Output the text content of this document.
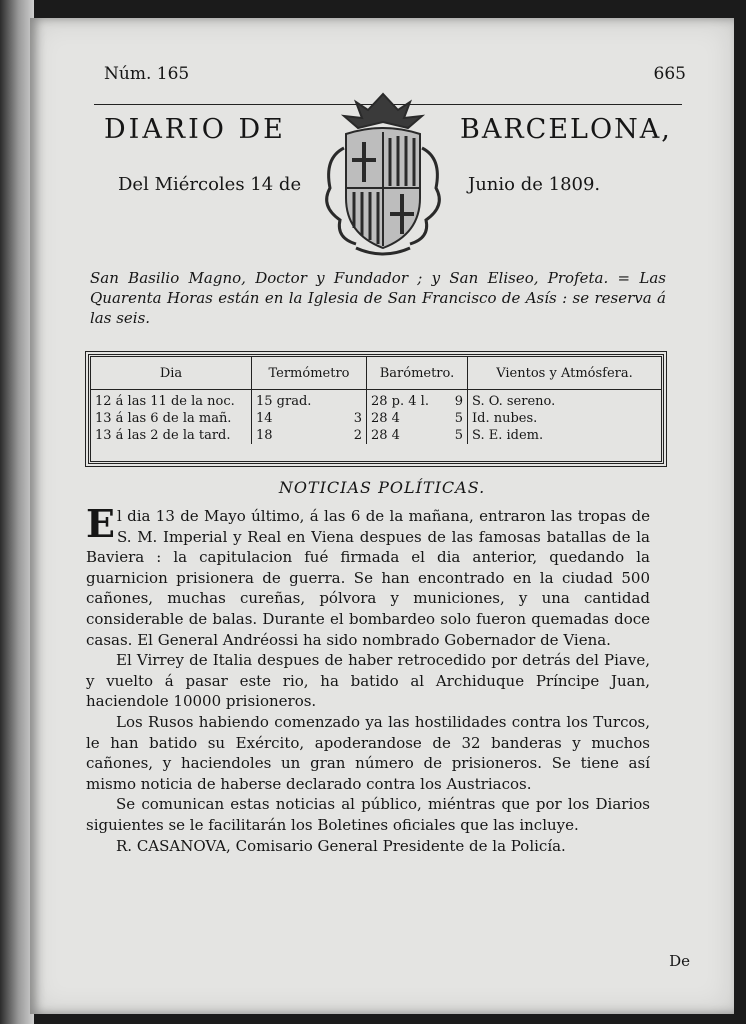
Núm. 165	665
DIARIO DE	BARCELONA,
Del Miércoles 14 de	Junio de 1809.
San Basilio Magno, Doctor y Fundador ; y San Eliseo, Profeta. = Las Quarenta Horas están en la Iglesia de San Francisco de Asís : se reserva á las seis.
Dia	Termómetro	Barómetro.	Vientos y Atmósfera.
12 á las 11 de la noc.	15 grad.	28 p. 4 l. 9	S. O. sereno.
13 á las 6 de la mañ.	14 3	28 4 5	Id. nubes.
13 á las 2 de la tard.	18 2	28 4 5	S. E. idem.
NOTICIAS POLÍTICAS.

El dia 13 de Mayo último, á las 6 de la mañana, entraron las tropas de S. M. Imperial y Real en Viena despues de las famosas batallas de la Baviera : la capitulacion fué firmada el dia anterior, quedando la guarnicion prisionera de guerra. Se han encontrado en la ciudad 500 cañones, muchas cureñas, pólvora y municiones, y una cantidad considerable de balas. Durante el bombardeo solo fueron quemadas doce casas. El General Andréossi ha sido nombrado Gobernador de Viena.

El Virrey de Italia despues de haber retrocedido por detrás del Piave, y vuelto á pasar este rio, ha batido al Archiduque Príncipe Juan, haciendole 10000 prisioneros.

Los Rusos habiendo comenzado ya las hostilidades contra los Turcos, le han batido su Exército, apoderandose de 32 banderas y muchos cañones, y haciendoles un gran número de prisioneros. Se tiene así mismo noticia de haberse declarado contra los Austriacos.

Se comunican estas noticias al público, miéntras que por los Diarios siguientes se le facilitarán los Boletines oficiales que las incluye.

R. CASANOVA, Comisario General Presidente de la Policía.

De
